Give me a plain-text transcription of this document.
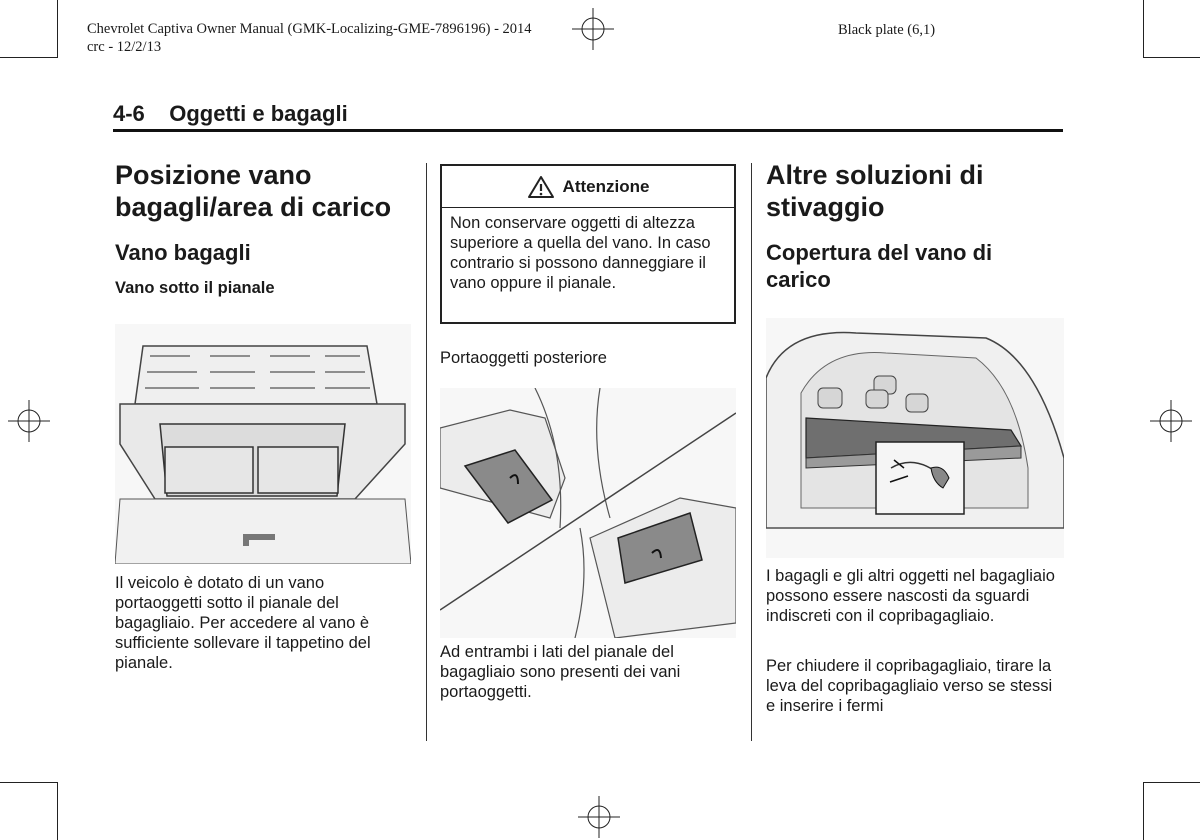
Chevrolet Captiva Owner Manual (GMK-Localizing-GME-7896196) - 2014
crc - 12/2/13
Black plate (6,1)
4-6 Oggetti e bagagli
Posizione vano bagagli/area di carico
Vano bagagli
Vano sotto il pianale

Il veicolo è dotato di un vano portaoggetti sotto il pianale del bagagliaio. Per accedere al vano è sufficiente sollevare il tappetino del pianale.

Attenzione
Non conservare oggetti di altezza superiore a quella del vano. In caso contrario si possono danneggiare il vano oppure il pianale.
Portaoggetti posteriore

Ad entrambi i lati del pianale del bagagliaio sono presenti dei vani portaoggetti.

Altre soluzioni di stivaggio
Copertura del vano di carico

I bagagli e gli altri oggetti nel bagagliaio possono essere nascosti da sguardi indiscreti con il copribagagliaio.

Per chiudere il copribagagliaio, tirare la leva del copribagagliaio verso se stessi e inserire i fermi
